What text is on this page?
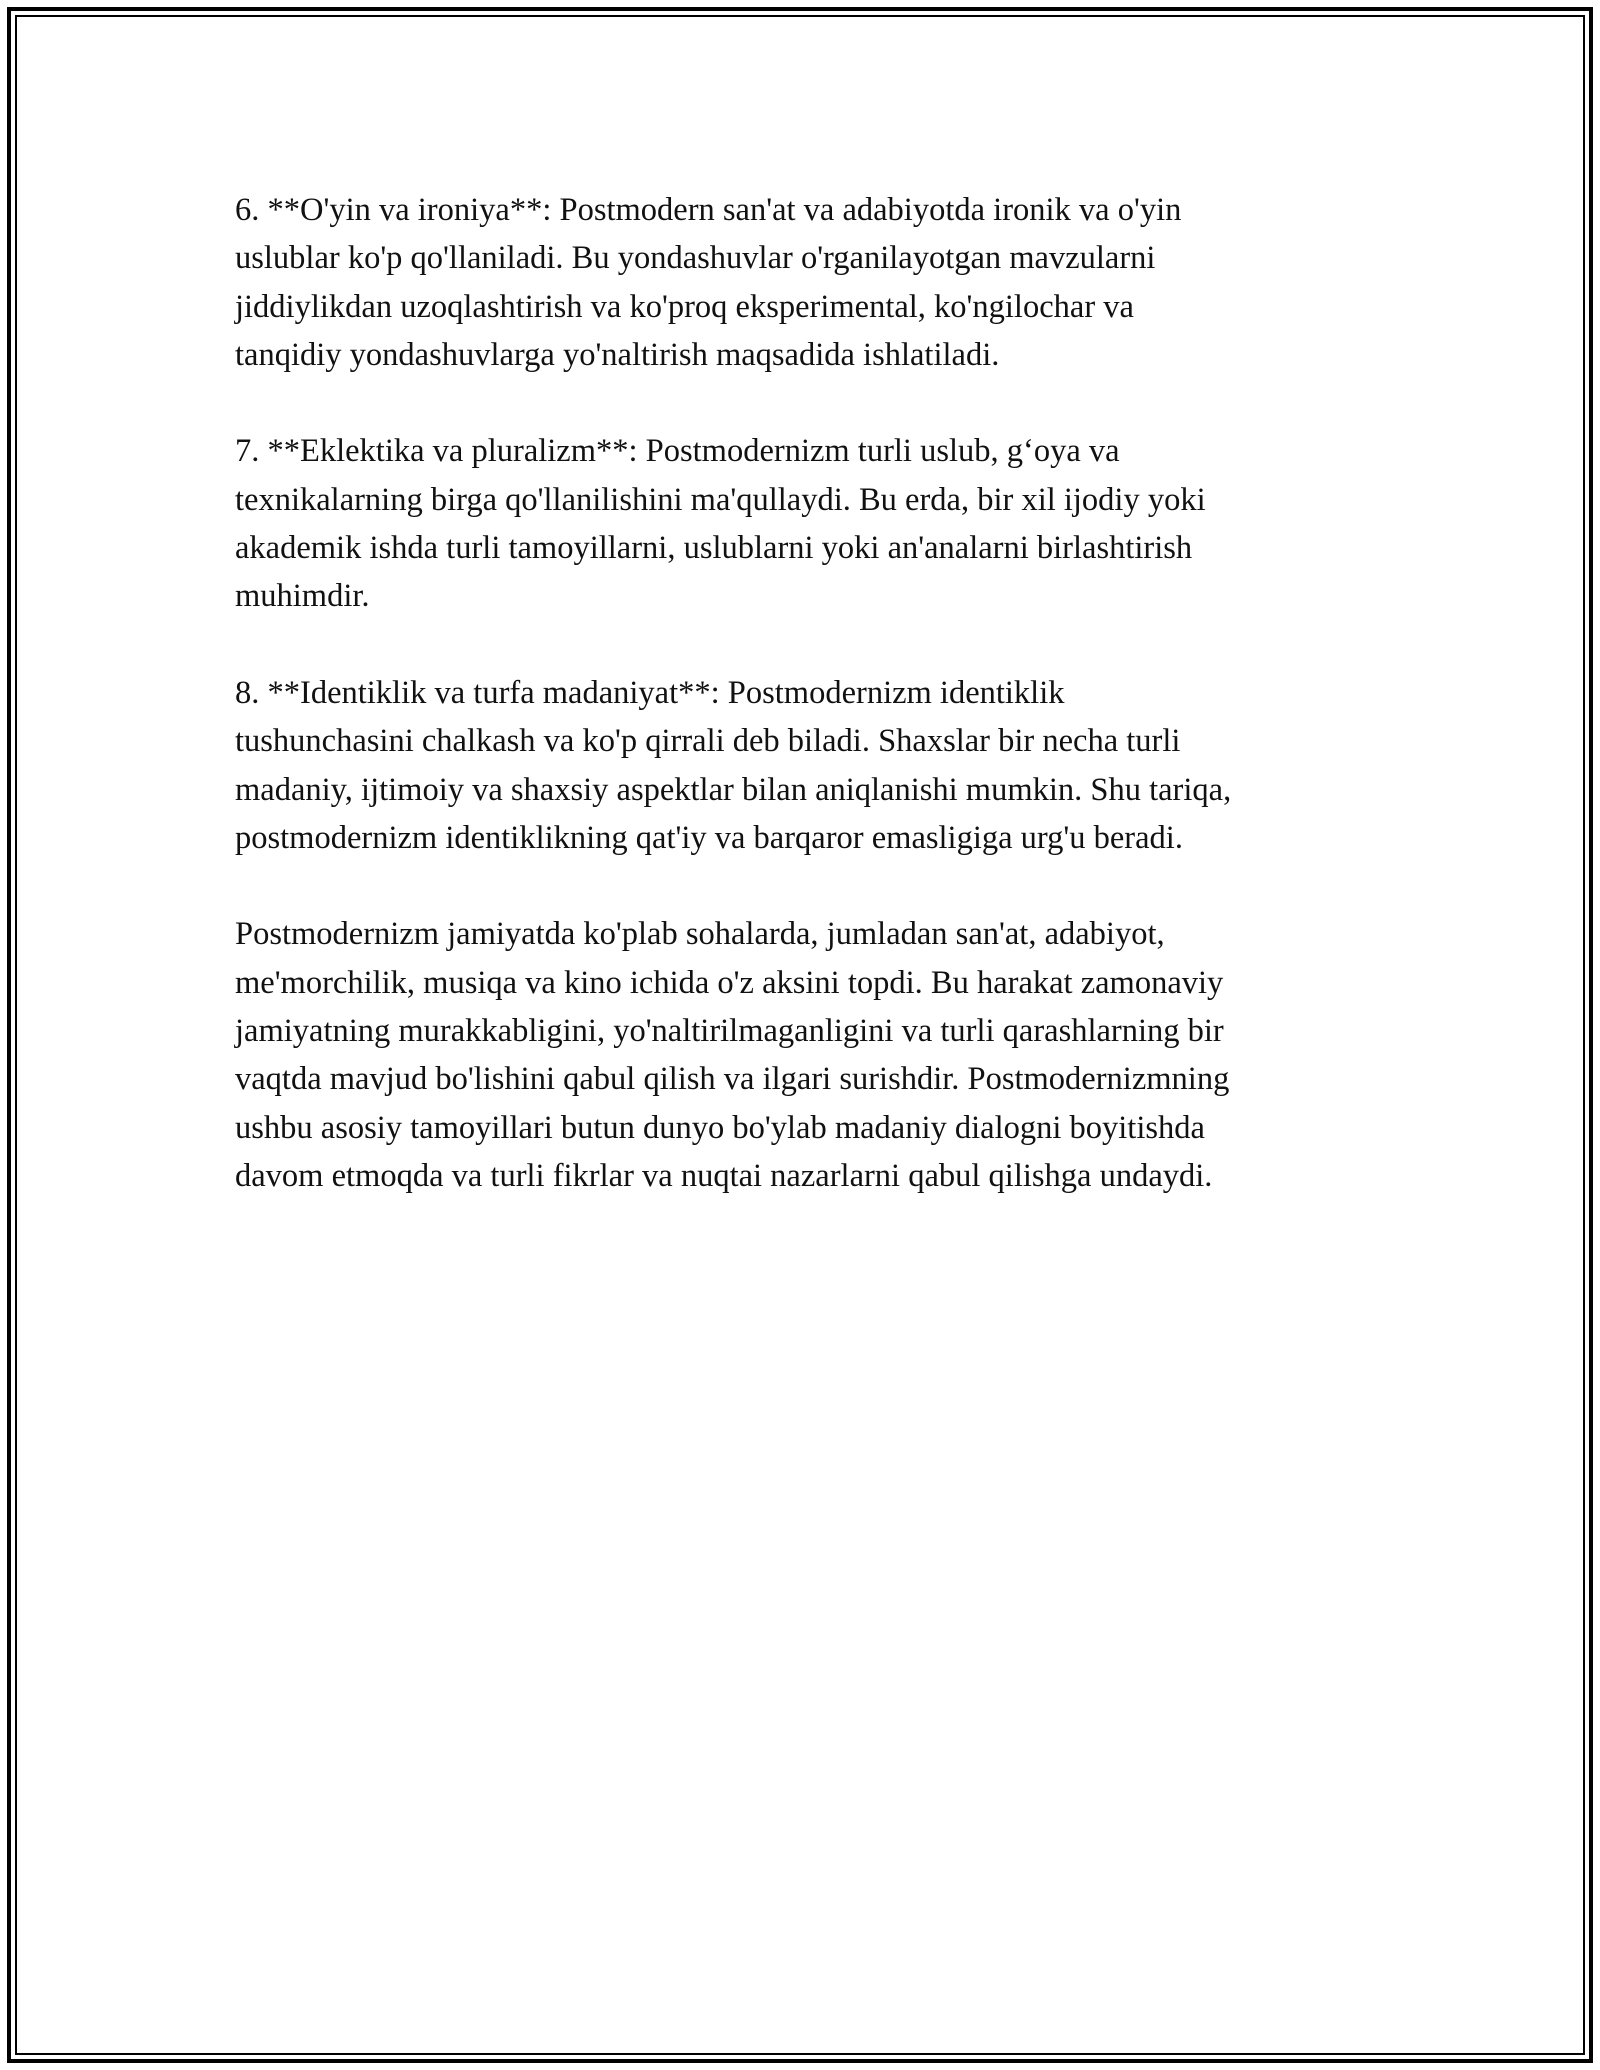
6. **O'yin va ironiya**: Postmodern san'at va adabiyotda ironik va o'yin
uslublar ko'p qo'llaniladi. Bu yondashuvlar o'rganilayotgan mavzularni
jiddiylikdan uzoqlashtirish va ko'proq eksperimental, ko'ngilochar va
tanqidiy yondashuvlarga yo'naltirish maqsadida ishlatiladi.

7. **Eklektika va pluralizm**: Postmodernizm turli uslub, g‘oya va
texnikalarning birga qo'llanilishini ma'qullaydi. Bu erda, bir xil ijodiy yoki
akademik ishda turli tamoyillarni, uslublarni yoki an'analarni birlashtirish
muhimdir.

8. **Identiklik va turfa madaniyat**: Postmodernizm identiklik
tushunchasini chalkash va ko'p qirrali deb biladi. Shaxslar bir necha turli
madaniy, ijtimoiy va shaxsiy aspektlar bilan aniqlanishi mumkin. Shu tariqa,
postmodernizm identiklikning qat'iy va barqaror emasligiga urg'u beradi.

Postmodernizm jamiyatda ko'plab sohalarda, jumladan san'at, adabiyot,
me'morchilik, musiqa va kino ichida o'z aksini topdi. Bu harakat zamonaviy
jamiyatning murakkabligini, yo'naltirilmaganligini va turli qarashlarning bir
vaqtda mavjud bo'lishini qabul qilish va ilgari surishdir. Postmodernizmning
ushbu asosiy tamoyillari butun dunyo bo'ylab madaniy dialogni boyitishda
davom etmoqda va turli fikrlar va nuqtai nazarlarni qabul qilishga undaydi.
